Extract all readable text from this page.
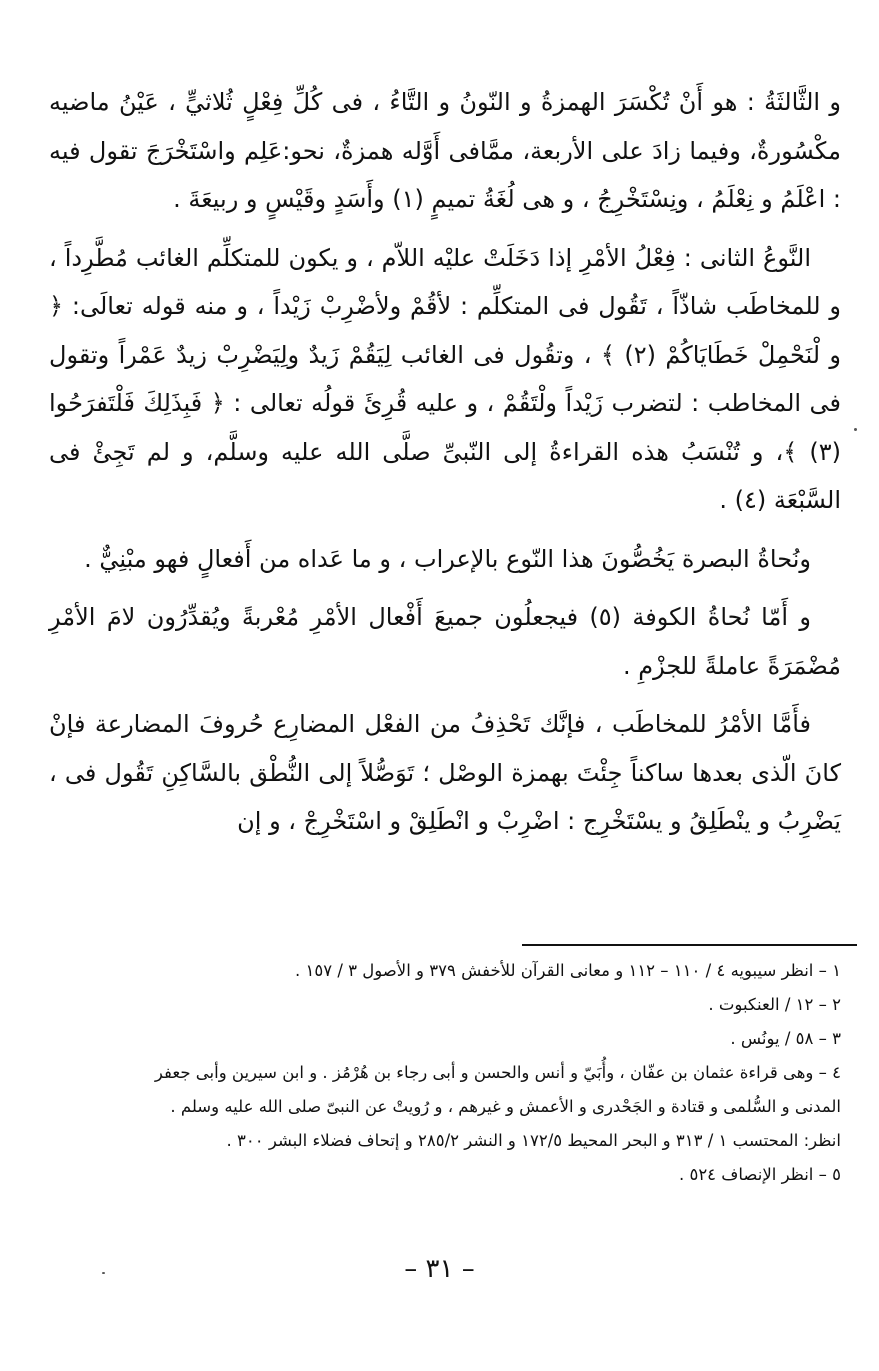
و الثَّالثَةُ : هو أَنْ تُكْسَرَ الهمزةُ و النّونُ و التَّاءُ ، فى كُلِّ فِعْلٍ ثُلاثيٍّ ، عَيْنُ ماضيه مكْسُورةٌ، وفيما زادَ على الأربعة، ممَّافى أَوَّله همزةٌ، نحو:عَلِم واسْتَخْرَجَ تقول فيه : اعْلَمُ و نِعْلَمُ ، ونِسْتَخْرِجُ ، و هى لُغَةُ تميمٍ (١) وأَسَدٍ وقَيْسٍ و ربيعَةَ .

النَّوعُ الثانى : فِعْلُ الأمْرِ إذا دَخَلَتْ عليْه اللاّم ، و يكون للمتكلِّم الغائب مُطَّرِداً ، و للمخاطَب شاذّاً ، تَقُول فى المتكلِّم : لأقُمْ ولأضْرِبْ زَيْداً ، و منه قوله تعالَى: ﴿ و لْنَحْمِلْ خَطَايَاكُمْ (٢) ﴾ ، وتقُول فى الغائب لِيَقُمْ زَيدٌ ولِيَضْرِبْ زيدٌ عَمْراً وتقول فى المخاطب : لتضرب زَيْداً ولْتَقُمْ ، و عليه قُرِئَ قولُه تعالى : ﴿ فَبِذَلِكَ فَلْتَفرَحُوا (٣) ﴾، و تُنْسَبُ هذه القراءةُ إلى النّبىِّ صلَّى الله عليه وسلَّم، و لم تَجِئْ فى السَّبْعَة (٤) .

ونُحاةُ البصرة يَخُصُّونَ هذا النّوع بالإعراب ، و ما عَداه من أَفعالٍ فهو مبْنِيٌّ .

و أَمّا نُحاةُ الكوفة (٥) فيجعلُون جميعَ أَفْعال الأمْرِ مُعْربةً ويُقدِّرُون لامَ الأمْرِ مُضْمَرَةً عاملةً للجزْمِ .

فأَمَّا الأمْرُ للمخاطَب ، فإنَّك تَحْذِفُ من الفعْل المضارِع حُروفَ المضارعة فإنْ كانَ الّذى بعدها ساكناً جِئْتَ بهمزة الوصْل ؛ تَوَصُّلاً إلى النُّطْق بالسَّاكِنِ تَقُول فى ، يَضْرِبُ و ينْطَلِقُ و يسْتَخْرِج : اضْرِبْ و انْطَلِقْ و اسْتَخْرِجْ ، و إن

١ – انظر سيبويه ٤ / ١١٠ – ١١٢ و معانى القرآن للأخفش ٣٧٩ و الأصول ٣ / ١٥٧ .

٢ – ١٢ / العنكبوت .

٣ – ٥٨ / يونُس .

٤ – وهى قراءة عثمان بن عفّان ، وأُبَيّ و أنس والحسن و أبى رجاء بن هُرْمُز . و ابن سيرين وأبى جعفر

المدنى و السُّلمى و قتادة و الجَحْدرى و الأعمش و غيرهم ، و رُويتْ عن النبىّ صلى الله عليه وسلم .

انظر: المحتسب ١ / ٣١٣ و البحر المحيط ١٧٢/٥ و النشر ٢٨٥/٢ و إتحاف فضلاء البشر ٣٠٠ .

٥ – انظر الإنصاف ٥٢٤ .

– ٣١ –
